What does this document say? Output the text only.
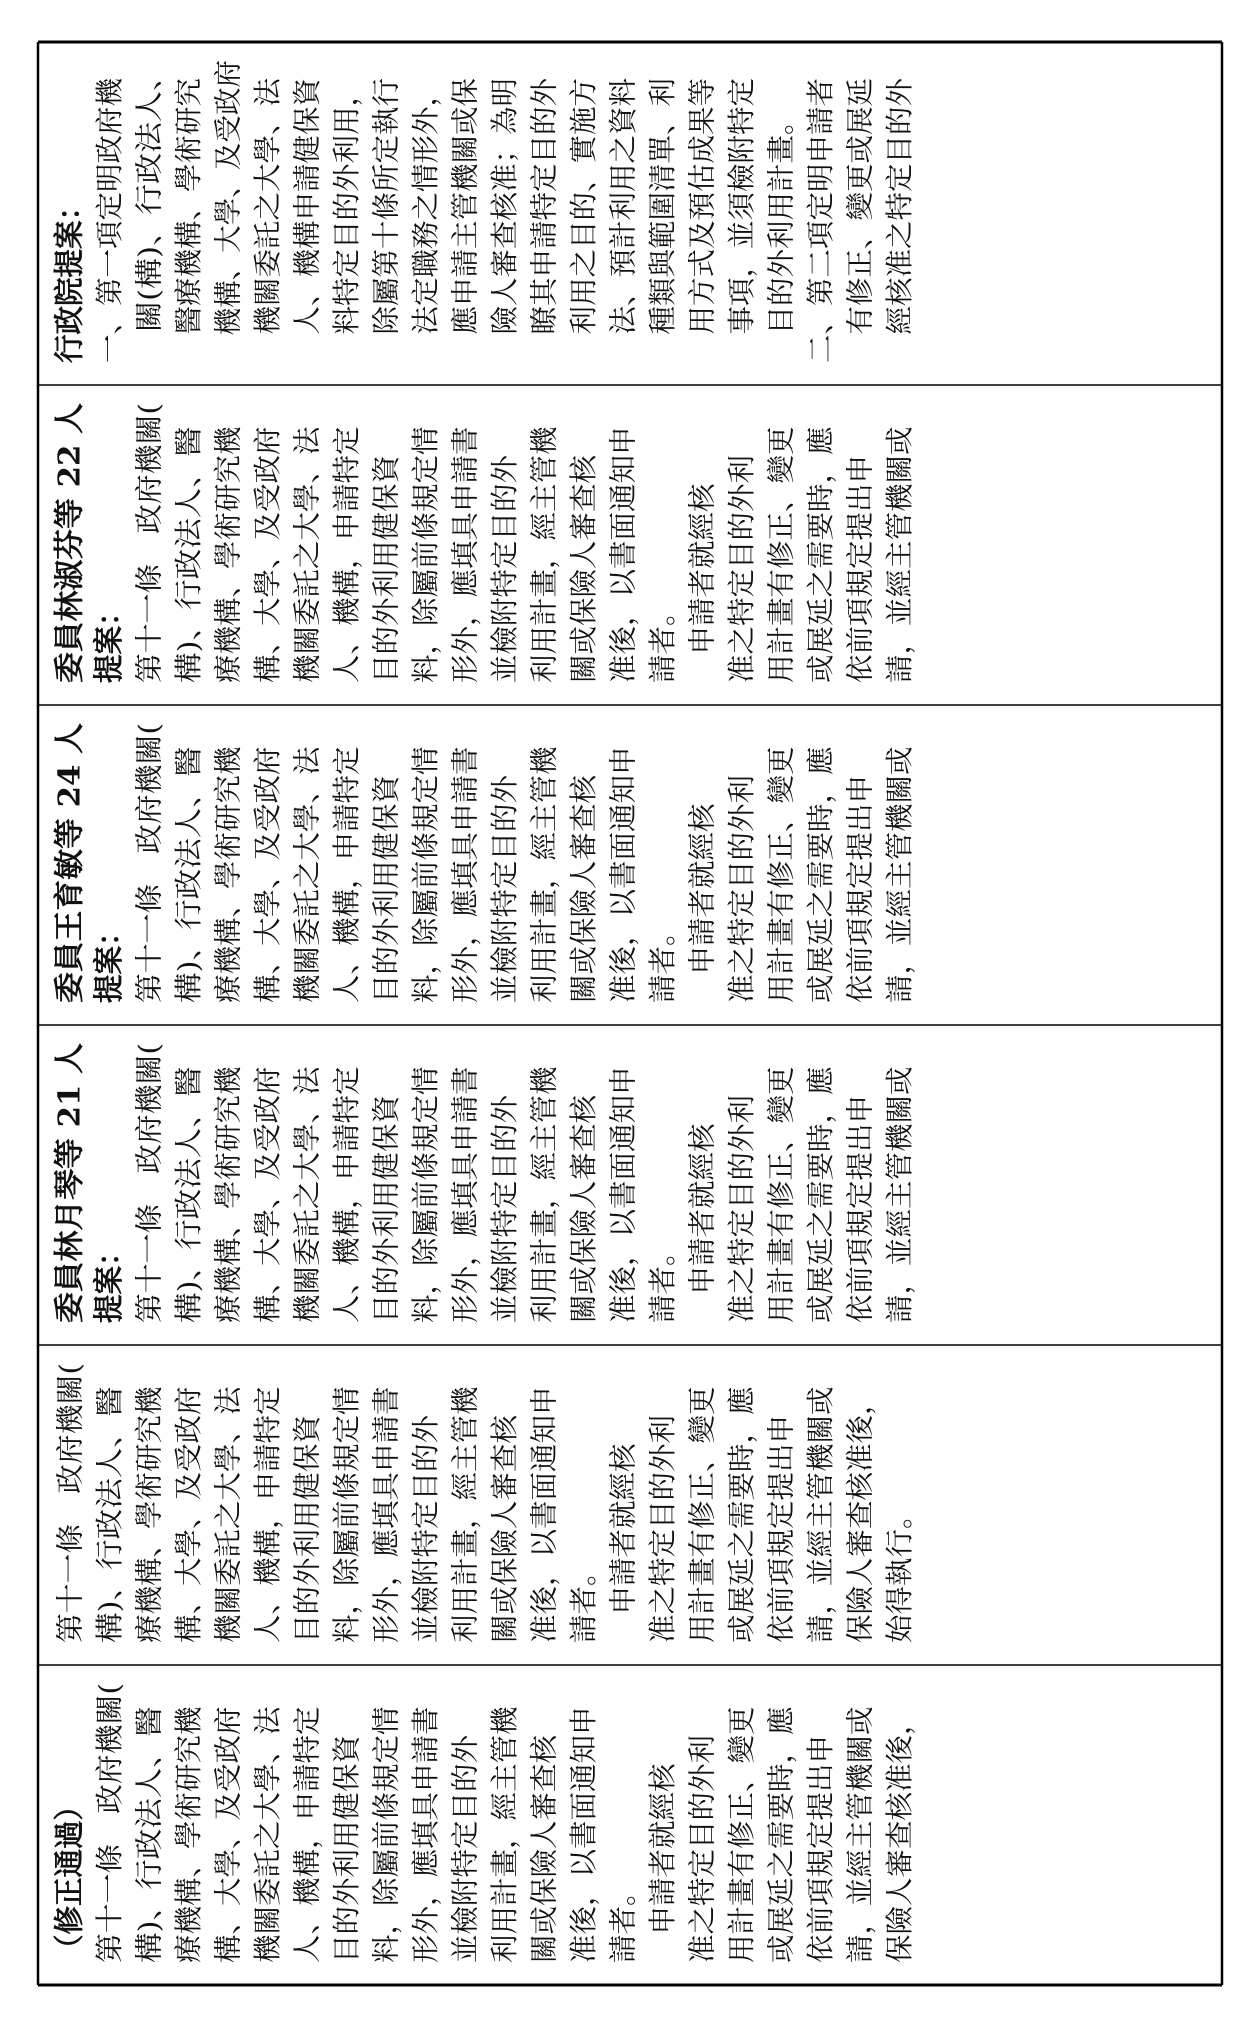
（修正通過） 第十一條　政府機關( 構)、行政法人、醫 療機構、學術研究機 構、大學、及受政府 機關委託之大學、法 人、機構，申請特定 目的外利用健保資 料，除屬前條規定情 形外，應填具申請書 並檢附特定目的外 利用計畫，經主管機 關或保險人審查核 准後，以書面通知申 請者。 　申請者就經核 准之特定目的外利 用計畫有修正、變更 或展延之需要時，應 依前項規定提出申 請，並經主管機關或 保險人審查核准後，
第十一條　政府機關( 構)、行政法人、醫 療機構、學術研究機 構、大學、及受政府 機關委託之大學、法 人、機構，申請特定 目的外利用健保資 料，除屬前條規定情 形外，應填具申請書 並檢附特定目的外 利用計畫，經主管機 關或保險人審查核 准後，以書面通知申 請者。 　申請者就經核 准之特定目的外利 用計畫有修正、變更 或展延之需要時，應 依前項規定提出申 請，並經主管機關或 保險人審查核准後， 始得執行。
委員林月琴等 21 人 提案： 第十一條　政府機關( 構)、行政法人、醫 療機構、學術研究機 構、大學、及受政府 機關委託之大學、法 人、機構，申請特定 目的外利用健保資 料，除屬前條規定情 形外，應填具申請書 並檢附特定目的外 利用計畫，經主管機 關或保險人審查核 准後，以書面通知申 請者。 　申請者就經核 准之特定目的外利 用計畫有修正、變更 或展延之需要時，應 依前項規定提出申 請，並經主管機關或
委員王育敏等 24 人 提案： 第十一條　政府機關( 構)、行政法人、醫 療機構、學術研究機 構、大學、及受政府 機關委託之大學、法 人、機構，申請特定 目的外利用健保資 料，除屬前條規定情 形外，應填具申請書 並檢附特定目的外 利用計畫，經主管機 關或保險人審查核 准後，以書面通知申 請者。 　申請者就經核 准之特定目的外利 用計畫有修正、變更 或展延之需要時，應 依前項規定提出申 請，並經主管機關或
委員林淑芬等 22 人 提案： 第十一條　政府機關( 構)、行政法人、醫 療機構、學術研究機 構、大學、及受政府 機關委託之大學、法 人、機構，申請特定 目的外利用健保資 料，除屬前條規定情 形外，應填具申請書 並檢附特定目的外 利用計畫，經主管機 關或保險人審查核 准後，以書面通知申 請者。 　申請者就經核 准之特定目的外利 用計畫有修正、變更 或展延之需要時，應 依前項規定提出申 請，並經主管機關或
行政院提案： 一、第一項定明政府機 　關(構)、行政法人、 　醫療機構、學術研究 　機構、大學、及受政府 　機關委託之大學、法 　人、機構申請健保資 　料特定目的外利用， 　除屬第十條所定執行 　法定職務之情形外， 　應申請主管機關或保 　險人審查核准；為明 　瞭其申請特定目的外 　利用之目的、實施方 　法、預計利用之資料 　種類與範圍清單、利 　用方式及預估成果等 　事項，並須檢附特定 　目的外利用計畫。 二、第二項定明申請者 　有修正、變更或展延 　經核准之特定目的外
